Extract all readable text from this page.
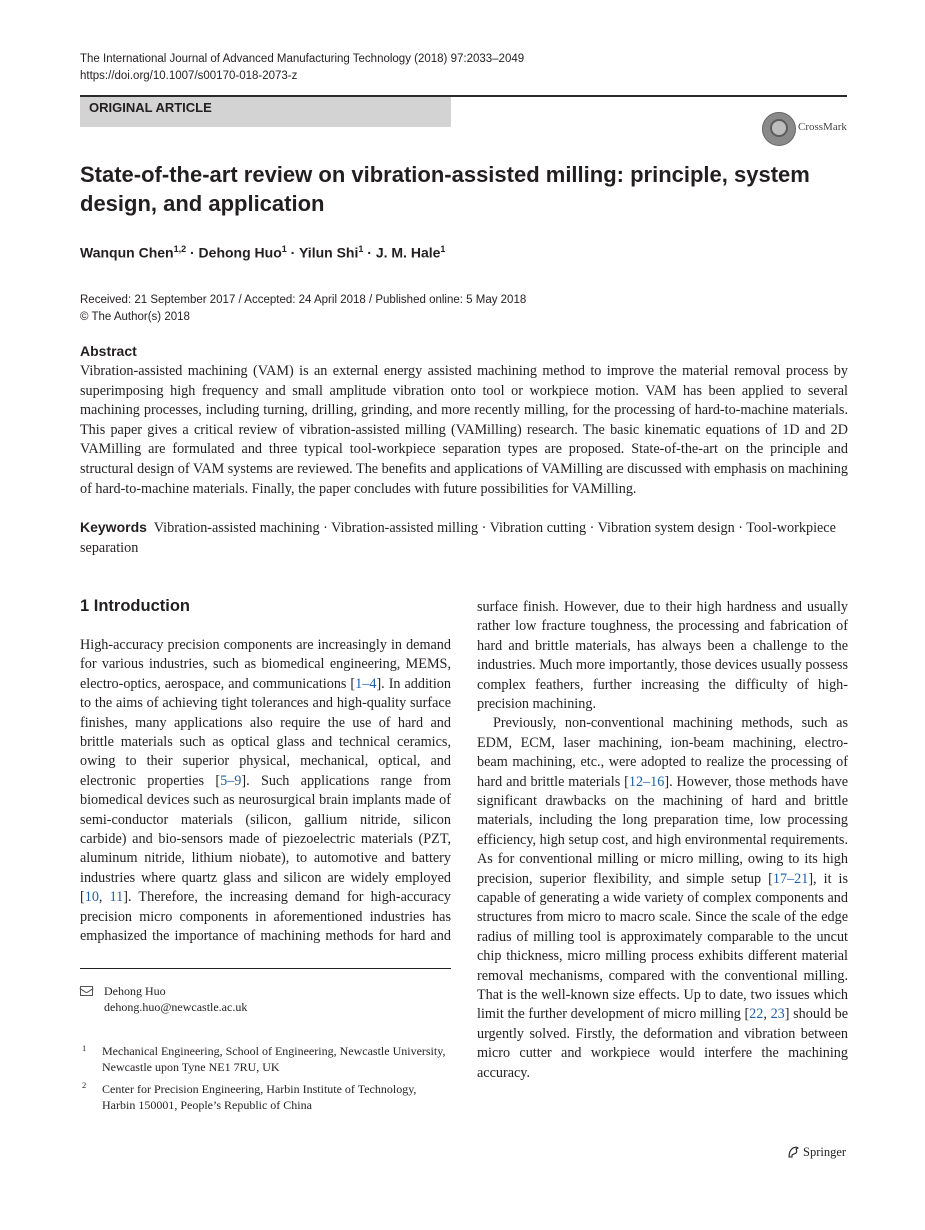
The International Journal of Advanced Manufacturing Technology (2018) 97:2033–2049
https://doi.org/10.1007/s00170-018-2073-z
ORIGINAL ARTICLE
CrossMark
State-of-the-art review on vibration-assisted milling: principle, system design, and application
Wanqun Chen$^{1,2}$ · Dehong Huo$^1$ · Yilun Shi$^1$ · J. M. Hale$^1$
Received: 21 September 2017 / Accepted: 24 April 2018 / Published online: 5 May 2018
© The Author(s) 2018
Abstract
Vibration-assisted machining (VAM) is an external energy assisted machining method to improve the material removal process by superimposing high frequency and small amplitude vibration onto tool or workpiece motion. VAM has been applied to several machining processes, including turning, drilling, grinding, and more recently milling, for the processing of hard-to-machine materials. This paper gives a critical review of vibration-assisted milling (VAMilling) research. The basic kinematic equations of 1D and 2D VAMilling are formulated and three typical tool-workpiece separation types are proposed. State-of-the-art on the principle and structural design of VAM systems are reviewed. The benefits and applications of VAMilling are discussed with emphasis on machining of hard-to-machine materials. Finally, the paper concludes with future possibilities for VAMilling.
Keywords Vibration-assisted machining · Vibration-assisted milling · Vibration cutting · Vibration system design · Tool-workpiece separation
1 Introduction

High-accuracy precision components are increasingly in demand for various industries, such as biomedical engineering, MEMS, electro-optics, aerospace, and communications [1–4]. In addition to the aims of achieving tight tolerances and high-quality surface finishes, many applications also require the use of hard and brittle materials such as optical glass and technical ceramics, owing to their superior physical, mechanical, optical, and electronic properties [5–9]. Such applications range from biomedical devices such as neurosurgical brain implants made of semi-conductor materials (silicon, gallium nitride, silicon carbide) and bio-sensors made of piezoelectric materials (PZT, aluminum nitride, lithium niobate), to automotive and battery industries where quartz glass and silicon are widely employed [10, 11]. Therefore, the increasing demand for high-accuracy precision micro components in aforementioned industries has emphasized the importance of machining methods for hard and

surface finish. However, due to their high hardness and usually rather low fracture toughness, the processing and fabrication of hard and brittle materials, has always been a challenge to the industries. Much more importantly, those devices usually possess complex feathers, further increasing the difficulty of high-precision machining.

Previously, non-conventional machining methods, such as EDM, ECM, laser machining, ion-beam machining, electro-beam machining, etc., were adopted to realize the processing of hard and brittle materials [12–16]. However, those methods have significant drawbacks on the machining of hard and brittle materials, including the long preparation time, low processing efficiency, high setup cost, and high environmental requirements. As for conventional milling or micro milling, owing to its high precision, superior flexibility, and simple setup [17–21], it is capable of generating a wide variety of complex components and structures from micro to macro scale. Since the scale of the edge radius of milling tool is approximately comparable to the uncut chip thickness, micro milling process exhibits different material removal mechanisms, compared with the conventional milling. That is the well-known size effects. Up to date, two issues which limit the further development of micro milling [22, 23] should be urgently solved. Firstly, the deformation and vibration between micro cutter and workpiece would interfere the machining accuracy.

Dehong Huo
dehong.huo@newcastle.ac.uk
1 Mechanical Engineering, School of Engineering, Newcastle University, Newcastle upon Tyne NE1 7RU, UK
2 Center for Precision Engineering, Harbin Institute of Technology, Harbin 150001, People’s Republic of China
Springer
